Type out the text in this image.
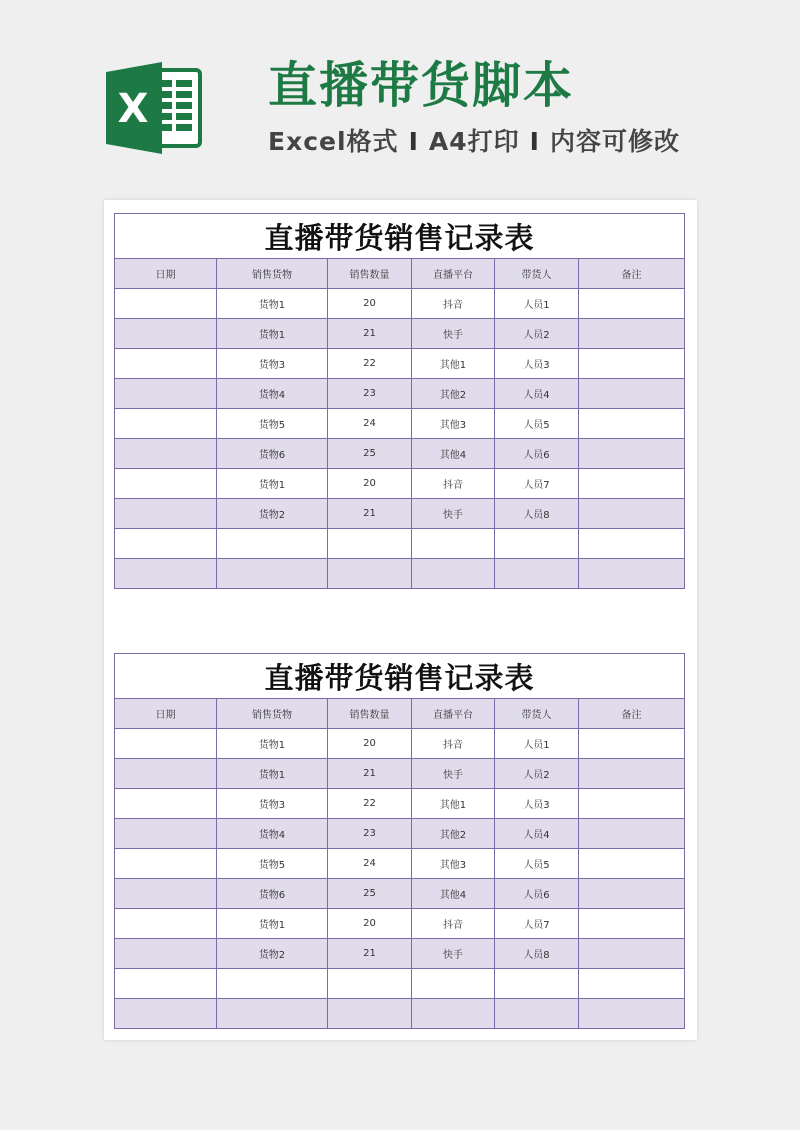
X 直播带货脚本
Excel格式 I A4打印 I 内容可修改
直播带货销售记录表					
日期	销售货物	销售数量	直播平台	带货人	备注
	货物1	20	抖音	人员1	
	货物1	21	快手	人员2	
	货物3	22	其他1	人员3	
	货物4	23	其他2	人员4	
	货物5	24	其他3	人员5	
	货物6	25	其他4	人员6	
	货物1	20	抖音	人员7	
	货物2	21	快手	人员8	

直播带货销售记录表					
日期	销售货物	销售数量	直播平台	带货人	备注
	货物1	20	抖音	人员1	
	货物1	21	快手	人员2	
	货物3	22	其他1	人员3	
	货物4	23	其他2	人员4	
	货物5	24	其他3	人员5	
	货物6	25	其他4	人员6	
	货物1	20	抖音	人员7	
	货物2	21	快手	人员8	
